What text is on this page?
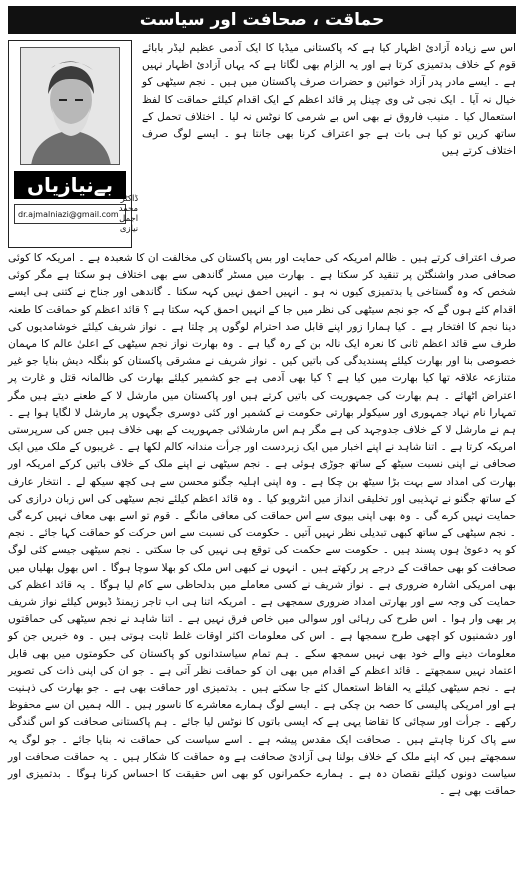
حماقت ، صحافت اور سیاست
بےنیازیاں
dr.ajmalniazi@gmail.com
ڈاکٹر محمد اجمل نیازی

اس سے زیادہ آزادیٔ اظہار کیا ہے کہ پاکستانی میڈیا کا ایک آدمی عظیم لیڈر بابائے قوم کے خلاف بدتمیزی کرتا ہے اور یہ الزام بھی لگاتا ہے کہ یہاں آزادیٔ اظہار نہیں ہے ۔ ایسے مادر پدر آزاد خواتین و حضرات صرف پاکستان میں ہیں ۔ نجم سیٹھی کو خیال نہ آیا ۔ ایک نجی ٹی وی چینل پر قائد اعظم کے ایک اقدام کیلئے حماقت کا لفظ استعمال کیا ۔ منیب فاروق نے بھی اس بے شرمی کا نوٹس نہ لیا ۔ اختلاف تحمل کے ساتھ کریں تو کیا ہی بات ہے جو اعتراف کرنا بھی جانتا ہو ۔ ایسے لوگ صرف اختلاف کرتے ہیں

صرف اعتراف کرتے ہیں ۔ ظالم امریکہ کی حمایت اور بس پاکستان کی مخالفت ان کا شعبدہ ہے ۔ امریکہ کا کوئی صحافی صدر واشنگٹن پر تنقید کر سکتا ہے ۔ بھارت میں مسٹر گاندھی سے بھی اختلاف ہو سکتا ہے مگر کوئی شخص کہ وہ گستاخی یا بدتمیزی کیوں نہ ہو ۔ انہیں احمق نہیں کہہ سکتا ۔ گاندھی اور جناح نے کتنی ہی ایسے اقدام کئے ہوں گے کہ جو نجم سیٹھی کی نظر میں جا کے انہیں احمق کہہ سکتا ہے ؟ قائد اعظم کو حماقت کا طعنہ دینا نجم کا افتخار ہے ۔ کیا ہمارا زور اپنے قابل صد احترام لوگوں پر چلتا ہے ۔ نواز شریف کیلئے خوشامدیوں کی طرف سے قائد اعظم ثانی کا نعرہ ایک نالہ بن کے رہ گیا ہے ۔ وہ بھارت نواز نجم سیٹھی کے اعلیٰ عالم کا مہمان خصوصی بنا اور بھارت کیلئے پسندیدگی کی باتیں کیں ۔ نواز شریف نے مشرقی پاکستان کو بنگلہ دیش بنایا جو غیر متنازعہ علاقہ تھا کیا بھارت میں کیا ہے ؟ کیا بھی آدمی ہے جو کشمیر کیلئے بھارت کی ظالمانہ قتل و غارت پر اعتراض اٹھائے ۔ ہم بھارت کی جمہوریت کی باتیں کرتے ہیں اور پاکستان میں مارشل لا کے طعنے دیتے ہیں مگر تمہارا نام نہاد جمہوری اور سیکولر بھارتی حکومت نے کشمیر اور کئی دوسری جگہوں پر مارشل لا لگایا ہوا ہے ۔ ہم نے مارشل لا کے خلاف جدوجہد کی ہے مگر ہم اس مارشلائی جمہوریت کے بھی خلاف ہیں جس کی سرپرستی امریکہ کرتا ہے ۔ اتنا شاہد نے اپنے اخبار میں ایک زبردست اور جرأت مندانہ کالم لکھا ہے ۔ غریبوں کے ملک میں ایک صحافی نے اپنی نسبت سیٹھ کے ساتھ جوڑی ہوئی ہے ۔ نجم سیٹھی نے اپنے ملک کے خلاف باتیں کرکے امریکہ اور بھارت کی امداد سے بہت بڑا سیٹھ بن چکا ہے ۔ وہ اپنی اہلیہ جگنو محسن سے ہی کچھ سیکھ لے ۔ انتخار عارف کے ساتھ جگنو نے تہذیبی اور تخلیقی انداز میں انٹرویو کیا ۔ وہ قائد اعظم کیلئے نجم سیٹھی کی اس زبان درازی کی حمایت نہیں کرے گی ۔ وہ بھی اپنی بیوی سے اس حماقت کی معافی مانگے ۔ قوم تو اسے بھی معاف نہیں کرے گی ۔ نجم سیٹھی کے ساتھ کبھی تبدیلی نظر نہیں آتیں ۔ حکومت کی نسبت سے اس حرکت کو حماقت کہا جائے ۔ نجم کو یہ دعویٰ ہوں پسند ہیں ۔ حکومت سے حکمت کی توقع ہی نہیں کی جا سکتی ۔ نجم سیٹھی جیسے کئی لوگ صحافت کو بھی حماقت کے درجے پر رکھتے ہیں ۔ انہوں نے کبھی اس ملک کو بھلا سوچا ہوگا ۔ اس بھول بھلیاں میں بھی امریکی اشارہ ضروری ہے ۔ نواز شریف نے کسی معاملے میں بدلحاظی سے کام لیا ہوگا ۔ یہ قائد اعظم کی حمایت کی وجہ سے اور بھارتی امداد ضروری سمجھی ہے ۔ امریکہ اتنا ہی اب تاجر زیمنڈ ڈیوس کیلئے نواز شریف پر بھی وار ہوا ۔ اس طرح کی رہائی اور سوالی میں خاص فرق نہیں ہے ۔ اتنا شاہد نے نجم سیٹھی کی حماقتوں اور دشمنیوں کو اچھی طرح سمجھا ہے ۔ اس کی معلومات اکثر اوقات غلط ثابت ہوتی ہیں ۔ وہ خبریں جن کو معلومات دینے والے خود بھی نہیں سمجھ سکے ۔ ہم تمام سیاستدانوں کو پاکستان کی حکومتوں میں بھی قابل اعتماد نہیں سمجھتے ۔ قائد اعظم کے اقدام میں بھی ان کو حماقت نظر آتی ہے ۔ جو ان کی اپنی ذات کی تصویر ہے ۔ نجم سیٹھی کیلئے یہ الفاظ استعمال کئے جا سکتے ہیں ۔ بدتمیزی اور حماقت بھی ہے ۔ جو بھارت کی ذہنیت ہے اور امریکی پالیسی کا حصہ بن چکی ہے ۔ ایسے لوگ ہمارے معاشرے کا ناسور ہیں ۔ اللہ ہمیں ان سے محفوظ رکھے ۔ جرأت اور سچائی کا تقاضا یہی ہے کہ ایسی باتوں کا نوٹس لیا جائے ۔ ہم پاکستانی صحافت کو اس گندگی سے پاک کرنا چاہتے ہیں ۔ صحافت ایک مقدس پیشہ ہے ۔ اسے سیاست کی حماقت نہ بنایا جائے ۔ جو لوگ یہ سمجھتے ہیں کہ اپنے ملک کے خلاف بولنا ہی آزادیٔ صحافت ہے وہ حماقت کا شکار ہیں ۔ یہ حماقت صحافت اور سیاست دونوں کیلئے نقصان دہ ہے ۔ ہمارے حکمرانوں کو بھی اس حقیقت کا احساس کرنا ہوگا ۔ بدتمیزی اور حماقت بھی ہے ۔
